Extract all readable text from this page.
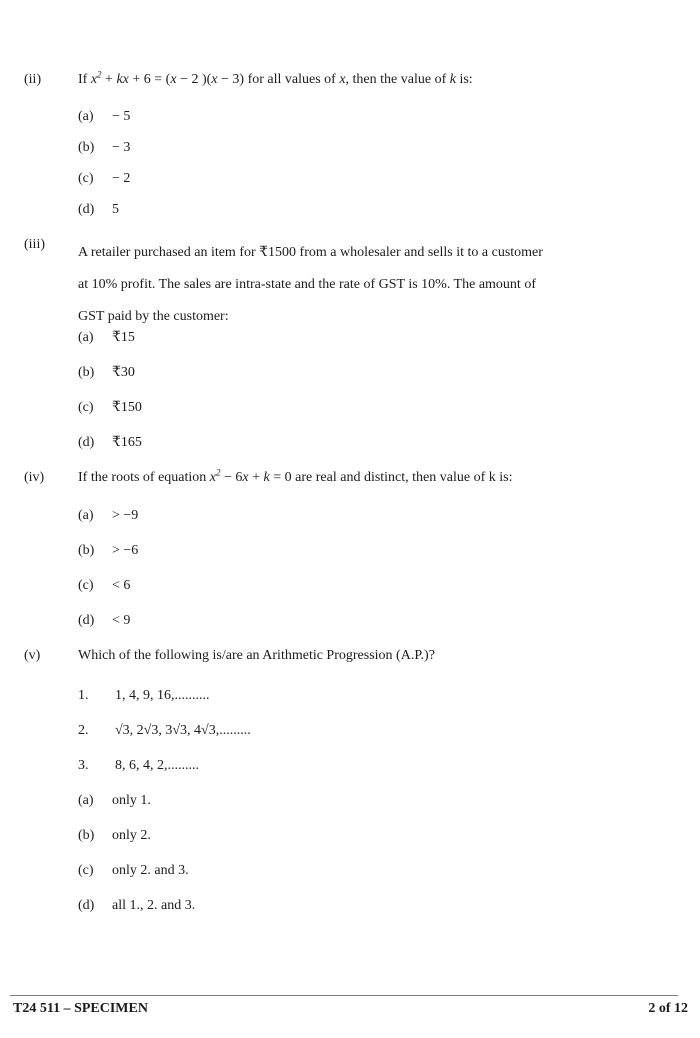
(ii)	If $x^2$ + kx + 6 = (x − 2 )(x − 3) for all values of x, then the value of k is:

(a)	− 5
(b)	− 3
(c)	− 2
(d)	5
(iii)
A retailer purchased an item for ₹1500 from a wholesaler and sells it to a customer
at 10% profit. The sales are intra-state and the rate of GST is 10%. The amount of
GST paid by the customer:
(a)	₹15
(b)	₹30
(c)	₹150
(d)	₹165
(iv)	If the roots of equation $x^2 - 6x + k = 0$ are real and distinct, then value of k is:

(a)	> −9
(b)	> −6
(c)	< 6
(d)	< 9
(v)	Which of the following is/are an Arithmetic Progression (A.P.)?

1.	1, 4, 9, 16,..........
2.	√3, 2√3, 3√3, 4√3,.........
3.	8, 6, 4, 2,.........
(a)	only 1.
(b)	only 2.
(c)	only 2. and 3.
(d)	all 1., 2. and 3.
T24 511 – SPECIMEN	2 of 12
